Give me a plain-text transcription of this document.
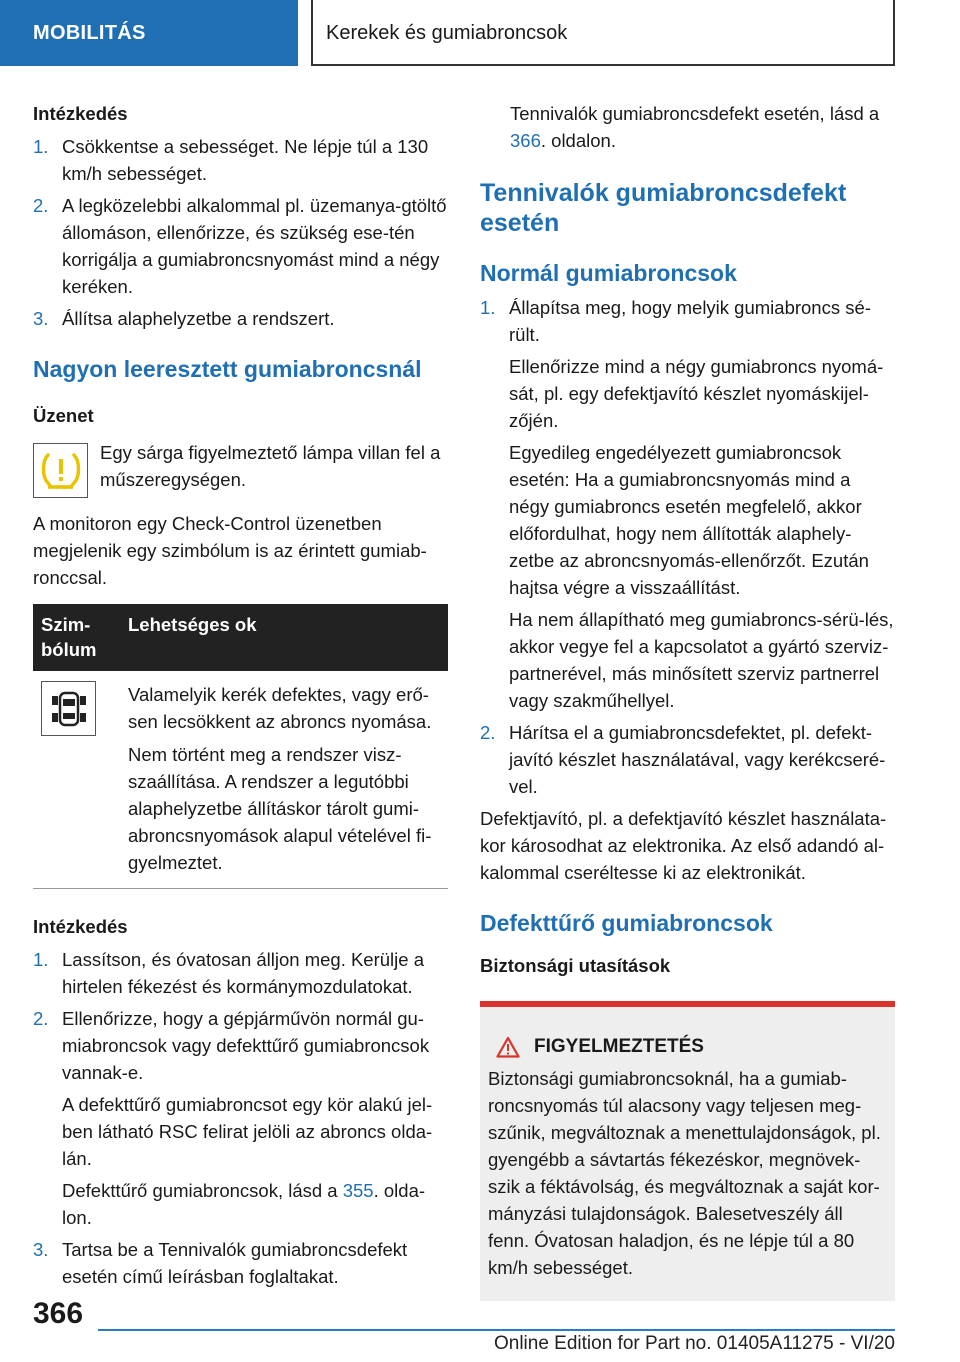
MOBILITÁS	Kerekek és gumiabroncsok
Intézkedés
1. Csökkentse a sebességet. Ne lépje túl a 130 km/h sebességet.
2. A legközelebbi alkalommal pl. üzemanya-gtöltő állomáson, ellenőrizze, és szükség ese-tén korrigálja a gumiabroncsnyomást mind a négy keréken.
3. Állítsa alaphelyzetbe a rendszert.
Nagyon leeresztett gumiabroncsnál
Üzenet

Egy sárga figyelmeztető lámpa villan fel a műszeregységen.

A monitoron egy Check-Control üzenetben megjelenik egy szimbólum is az érintett gumiab-ronccsal.

Szim-bólum	Lehetséges ok

Valamelyik kerék defektes, vagy erő-sen lecsökkent az abroncs nyomása.

Nem történt meg a rendszer visz-szaállítása. A rendszer a legutóbbi alaphelyzetbe állításkor tárolt gumi-abroncsnyomások alapul vételével fi-gyelmeztet.

Intézkedés
1. Lassítson, és óvatosan álljon meg. Kerülje a hirtelen fékezést és kormánymozdulatokat.
2. Ellenőrizze, hogy a gépjárművön normál gu-miabroncsok vagy defekttűrő gumiabroncsok vannak-e.
A defekttűrő gumiabroncsot egy kör alakú jel-ben látható RSC felirat jelöli az abroncs olda-lán.
Defekttűrő gumiabroncsok, lásd a 355. olda-lon.
3. Tartsa be a Tennivalók gumiabroncsdefekt esetén című leírásban foglaltakat.

Tennivalók gumiabroncsdefekt esetén, lásd a 366. oldalon.

Tennivalók gumiabroncsdefekt esetén
Normál gumiabroncsok
1. Állapítsa meg, hogy melyik gumiabroncs sé-rült.
Ellenőrizze mind a négy gumiabroncs nyomá-sát, pl. egy defektjavító készlet nyomáskijel-zőjén.
Egyedileg engedélyezett gumiabroncsok esetén: Ha a gumiabroncsnyomás mind a négy gumiabroncs esetén megfelelő, akkor előfordulhat, hogy nem állították alaphely-zetbe az abroncsnyomás-ellenőrzőt. Ezután hajtsa végre a visszaállítást.
Ha nem állapítható meg gumiabroncs-sérü-lés, akkor vegye fel a kapcsolatot a gyártó szerviz-partnerével, más minősített szerviz partnerrel vagy szakműhellyel.
2. Hárítsa el a gumiabroncsdefektet, pl. defekt-javító készlet használatával, vagy kerékcseré-vel.

Defektjavító, pl. a defektjavító készlet használata-kor károsodhat az elektronika. Az első adandó al-kalommal cseréltesse ki az elektronikát.

Defekttűrő gumiabroncsok
Biztonsági utasítások
FIGYELMEZTETÉS

Biztonsági gumiabroncsoknál, ha a gumiab-roncsnyomás túl alacsony vagy teljesen meg-szűnik, megváltoznak a menettulajdonságok, pl. gyengébb a sávtartás fékezéskor, megnövek-szik a féktávolság, és megváltoznak a saját kor-mányzási tulajdonságok. Balesetveszély áll fenn. Óvatosan haladjon, és ne lépje túl a 80 km/h sebességet.

366
Online Edition for Part no. 01405A11275 - VI/20
